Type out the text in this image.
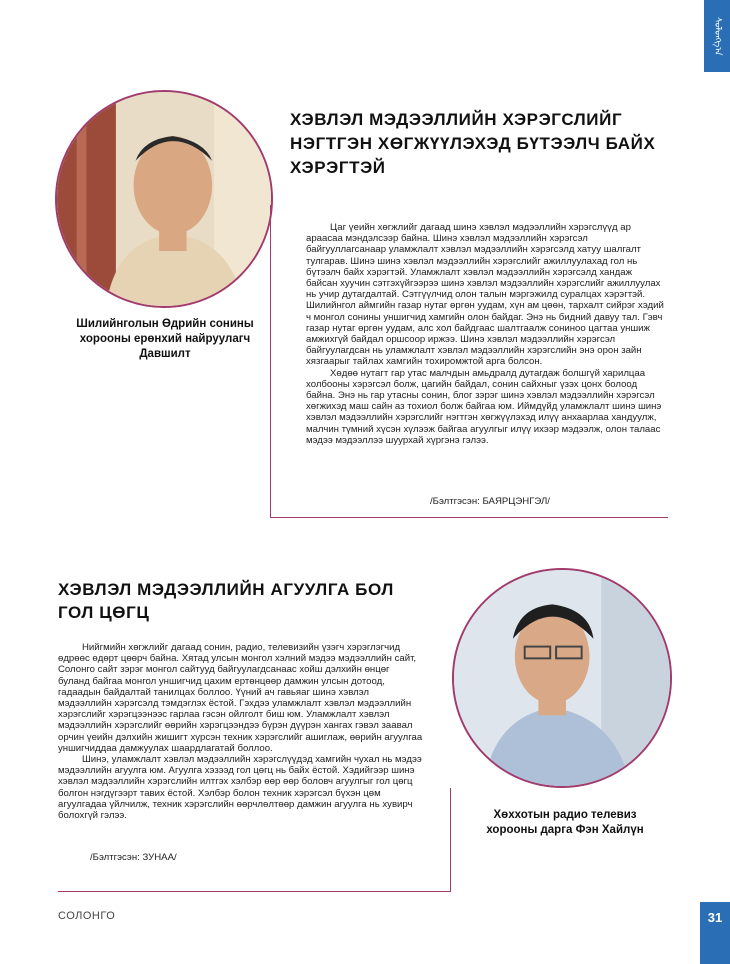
ᠰᠣᠯᠣᠩᠭ᠎ᠠ
Шилийнголын Өдрийн сонины хорооны ерөнхий найруулагч Давшилт
ХЭВЛЭЛ МЭДЭЭЛЛИЙН ХЭРЭГСЛИЙГ НЭГТГЭН ХӨГЖҮҮЛЭХЭД БҮТЭЭЛЧ БАЙХ ХЭРЭГТЭЙ

Цаг үеийн хөгжлийг дагаад шинэ хэвлэл мэдээллийн хэрэгслүүд ар араасаа мэндэлсээр байна. Шинэ хэвлэл мэдээллийн хэрэгсэл байгууллагсанаар уламжлалт хэвлэл мэдээллийн хэрэгсэлд хатуу шалгалт тулгарав. Шинэ шинэ хэвлэл мэдээллийн хэрэгслийг ажиллуулахад гол нь бүтээлч байх хэрэгтэй. Уламжлалт хэвлэл мэдээллийн хэрэгсэлд хандаж байсан хуучин сэтгэхүйгээрээ шинэ хэвлэл мэдээллийн хэрэгслийг ажиллуулах нь учир дутагдалтай. Сэтгүүлчид олон талын мэргэжилд суралцах хэрэгтэй. Шилийнгол аймгийн газар нутаг өргөн уудам, хүн ам цөөн, тархалт сийрэг хэдий ч монгол сонины уншигчид хамгийн олон байдаг. Энэ нь бидний давуу тал. Гэвч газар нутаг өргөн уудам, алс хол байдгаас шалтгаалж сониноо цагтаа уншиж амжихгүй байдал оршсоор иржээ. Шинэ хэвлэл мэдээллийн хэрэгсэл байгуулагдсан нь уламжлалт хэвлэл мэдээллийн хэрэгслийн энэ орон зайн хязгаарыг тайлах хамгийн тохиромжтой арга болсон.

Хөдөө нутагт гар утас малчдын амьдралд дутагдаж болшгүй харилцаа холбооны хэрэгсэл болж, цагийн байдал, сонин сайхныг үзэх цонх болоод байна. Энэ нь гар утасны сонин, блог зэрэг шинэ хэвлэл мэдээллийн хэрэгсэл хөгжихэд маш сайн аз тохиол болж байгаа юм. Иймдүйд уламжлалт шинэ шинэ хэвлэл мэдээллийн хэрэгслийг нэгтгэн хөгжүүлэхэд илүү анхаарлаа хандуулж, малчин түмний хүсэн хүлээж байгаа агуулгыг илүү ихээр мэдээлж, олон талаас мэдээ мэдээллээ шуурхай хүргэнэ гэлээ.

/Бэлтгэсэн: БАЯРЦЭНГЭЛ/
ХЭВЛЭЛ МЭДЭЭЛЛИЙН АГУУЛГА БОЛ ГОЛ ЦӨГЦ

Нийгмийн хөгжлийг дагаад сонин, радио, телевизийн үзэгч хэрэглэгчид өдрөөс өдөрт цөөрч байна. Хятад улсын монгол хэлний мэдээ мэдээллийн сайт, Солонго сайт зэрэг монгол сайтууд байгуулагдсанаас хойш дэлхийн өнцөг буланд байгаа монгол уншигчид цахим ертөнцөөр дамжин улсын дотоод, гадаадын байдалтай танилцах боллоо. Үүний ач гавьяаг шинэ хэвлэл мэдээллийн хэрэгсэлд тэмдэглэх ёстой. Гэхдээ уламжлалт хэвлэл мэдээллийн хэрэгслийг хэрэгцээнээс гарлаа гэсэн ойлголт биш юм. Уламжлалт хэвлэл мэдээллийн хэрэгслийг өөрийн хэрэгцээндээ бүрэн дүүрэн хангах гэвэл заавал орчин үеийн дэлхийн жишигт хүрсэн техник хэрэгслийг ашиглаж, өөрийн агуулгаа уншигчиддаа дамжуулах шаардлагатай боллоо.

Шинэ, уламжлалт хэвлэл мэдээллийн хэрэгслүүдэд хамгийн чухал нь мэдээ мэдээллийн агуулга юм. Агуулга хэзээд гол цөгц нь байх ёстой. Хэдийгээр шинэ хэвлэл мэдээллийн хэрэгслийн илтгэх хэлбэр өөр өөр боловч агуулгыг гол цөгц болгон нэгдүгээрт тавих ёстой. Хэлбэр болон техник хэрэгсэл бүхэн цөм агуулгадаа үйлчилж, техник хэрэгслийн өөрчлөлтөөр дамжин агуулга нь хувирч болохгүй гэлээ.

/Бэлтгэсэн: ЗУНАА/
Хөххотын радио телевиз хорооны дарга Фэн Хайлүн
СОЛОНГО	31
